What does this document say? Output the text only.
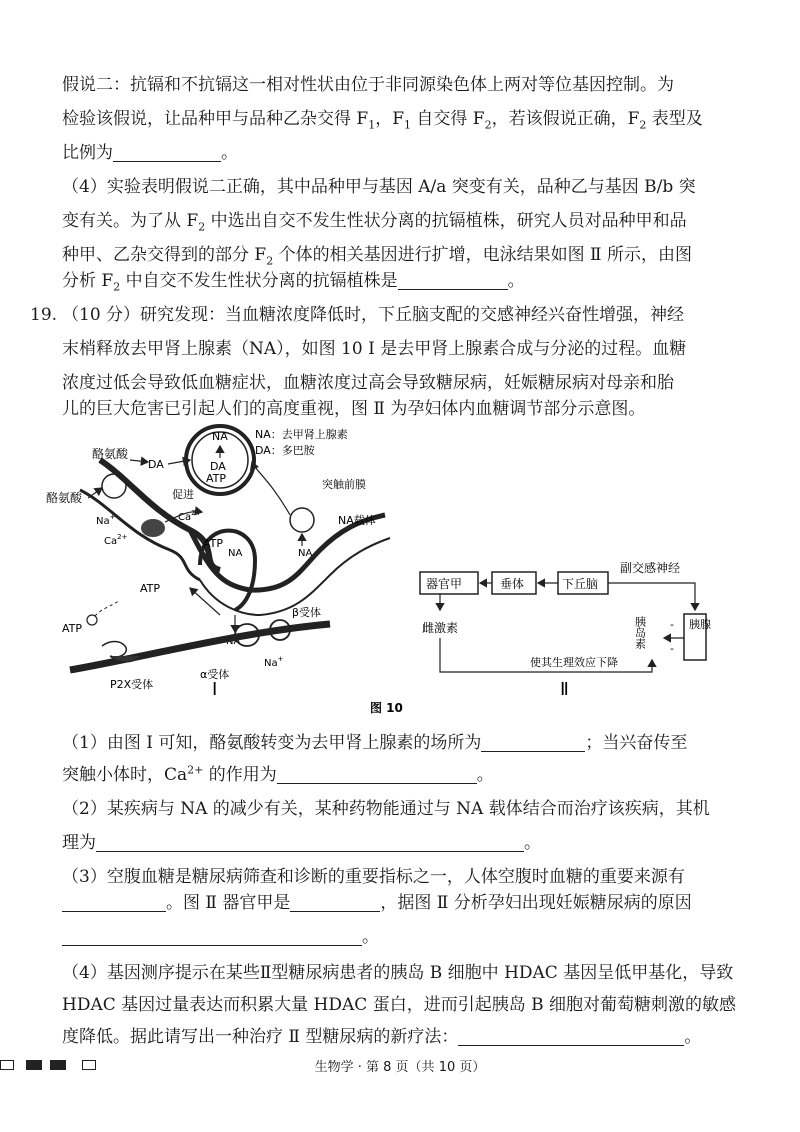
假说二：抗镉和不抗镉这一相对性状由位于非同源染色体上两对等位基因控制。为
检验该假说，让品种甲与品种乙杂交得 $F_1$，$F_1$ 自交得 $F_2$，若该假说正确，$F_2$ 表型及
比例为	。
（4）实验表明假说二正确，其中品种甲与基因 A/a 突变有关，品种乙与基因 B/b 突
变有关。为了从 $F_2$ 中选出自交不发生性状分离的抗镉植株，研究人员对品种甲和品
种甲、乙杂交得到的部分 $F_2$ 个体的相关基因进行扩增，电泳结果如图 Ⅱ 所示，由图
分析 $F_2$ 中自交不发生性状分离的抗镉植株是	。
19. （10 分）研究发现：当血糖浓度降低时，下丘脑支配的交感神经兴奋性增强，神经
末梢释放去甲肾上腺素（NA），如图 10 Ⅰ 是去甲肾上腺素合成与分泌的过程。血糖
浓度过低会导致低血糖症状，血糖浓度过高会导致糖尿病，妊娠糖尿病对母亲和胎
儿的巨大危害已引起人们的高度重视，图 Ⅱ 为孕妇体内血糖调节部分示意图。
NA
DA
ATP
ATP
NA
NA：去甲肾上腺素
DA：多巴胺
酪氨酸
DA
酪氨酸
Na+
$Ca^{2+}$
促进
$Ca^{2+}$
突触前膜
NA载体
NA
ATP
NA
β受体
α受体
Na+
ATP
P2X受体	Ⅰ
器官甲	垂体	下丘脑
副交感神经
胰腺
胰岛素 -
-
雌激素
使其生理效应下降
Ⅱ
图 10
（1）由图 Ⅰ 可知，酪氨酸转变为去甲肾上腺素的场所为	；当兴奋传至
突触小体时，$Ca^{2+}$ 的作用为	。
（2）某疾病与 NA 的减少有关，某种药物能通过与 NA 载体结合而治疗该疾病，其机
理为	。
（3）空腹血糖是糖尿病筛查和诊断的重要指标之一，人体空腹时血糖的重要来源有
。图 Ⅱ 器官甲是	，据图 Ⅱ 分析孕妇出现妊娠糖尿病的原因
。
（4）基因测序提示在某些Ⅱ型糖尿病患者的胰岛 B 细胞中 HDAC 基因呈低甲基化，导致
HDAC 基因过量表达而积累大量 HDAC 蛋白，进而引起胰岛 B 细胞对葡萄糖刺激的敏感
度降低。据此请写出一种治疗 Ⅱ 型糖尿病的新疗法：	。
生物学 · 第 8 页（共 10 页）
